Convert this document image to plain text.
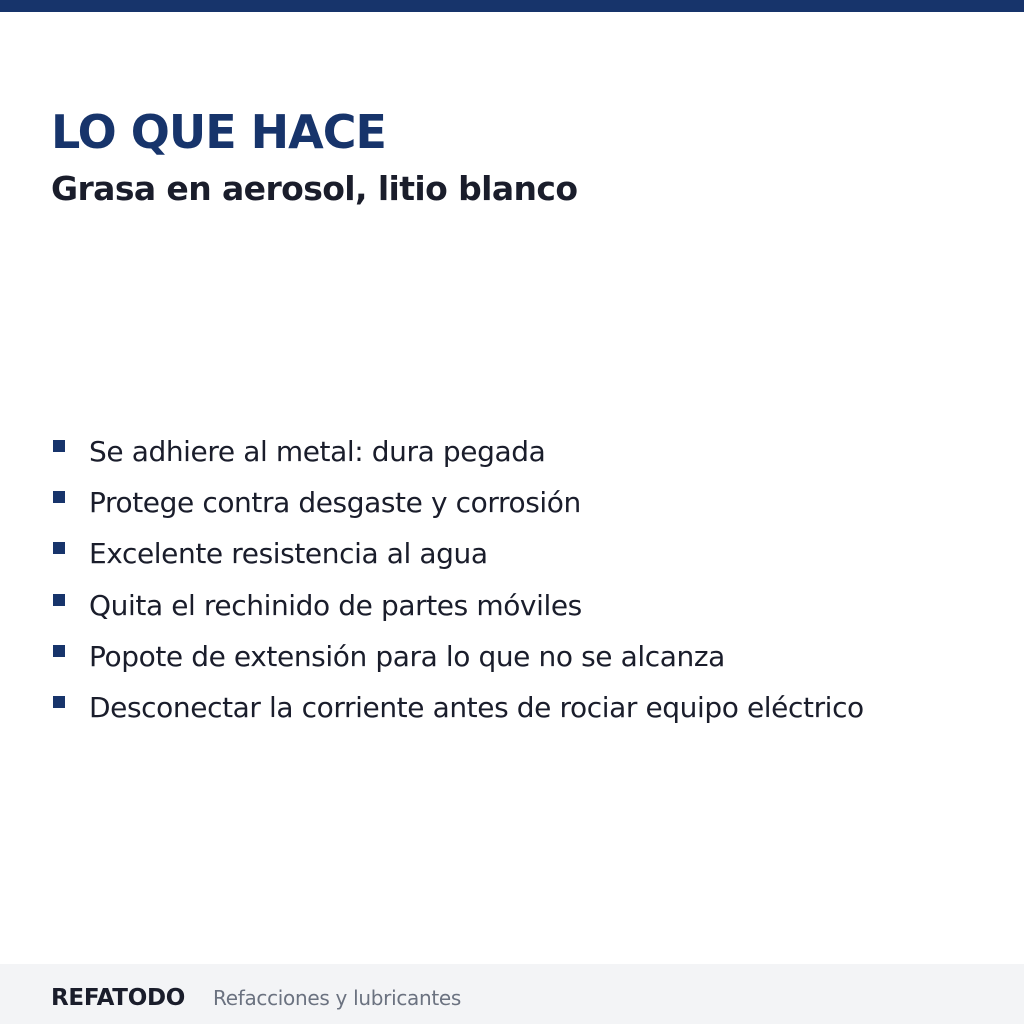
LO QUE HACE
Grasa en aerosol, litio blanco
Se adhiere al metal: dura pegada
Protege contra desgaste y corrosión
Excelente resistencia al agua
Quita el rechinido de partes móviles
Popote de extensión para lo que no se alcanza
Desconectar la corriente antes de rociar equipo eléctrico
REFATODO Refacciones y lubricantes
